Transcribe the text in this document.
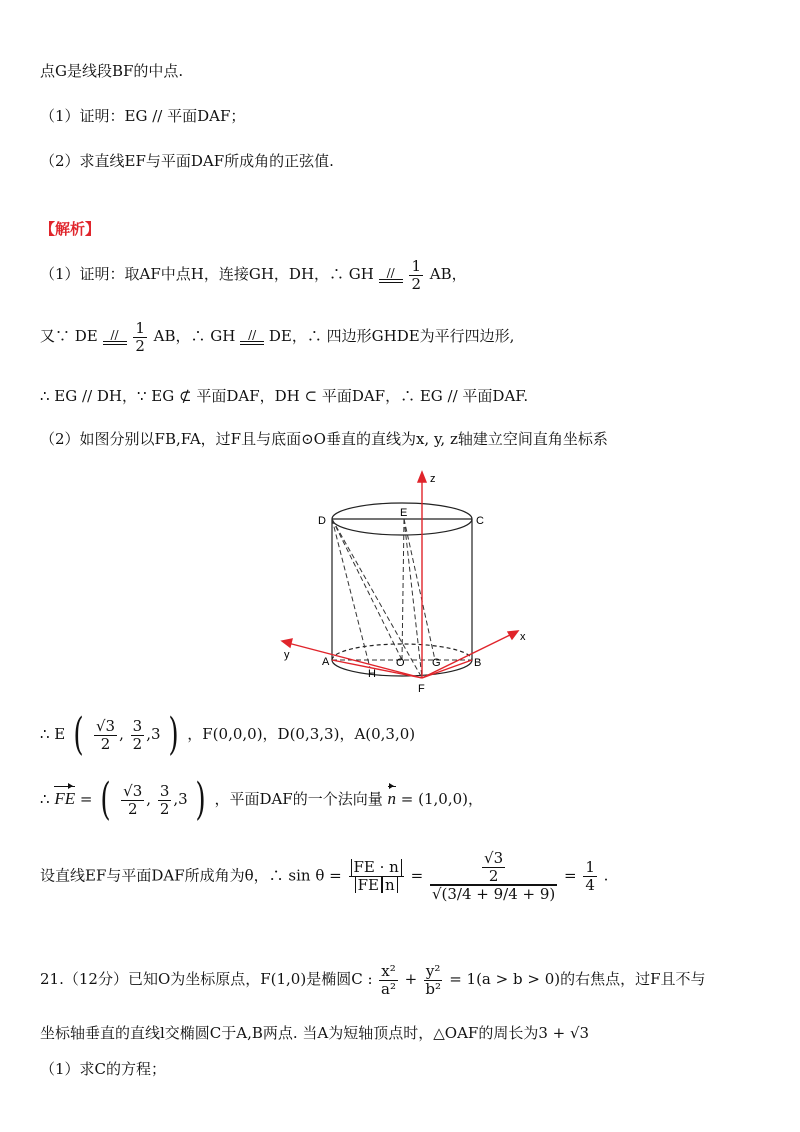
点G是线段BF的中点.
（1）证明：EG // 平面DAF；
（2）求直线EF与平面DAF所成角的正弦值.
【解析】
（1）证明：取AF中点H，连接GH，DH，∴ GH	//
$\frac{1}{2}$ AB，
又∵ DE	//
$\frac{1}{2}$ AB，∴ GH	// DE，∴ 四边形GHDE为平行四边形,
∴ EG // DH，∵ EG ⊄ 平面DAF，DH ⊂ 平面DAF，∴ EG // 平面DAF.
（2）如图分别以FB,FA，过F且与底面⊙O垂直的直线为x, y, z轴建立空间直角坐标系
D
E
C
z
x
y
A
H
O G	B
F
∴ E ( $\frac{√3}{2}$ , $\frac{3}{2} ,3$ ) ，F(0,0,0)，D(0,3,3)，A(0,3,0)
∴ FE = ( $\frac{√3}{2}$ , $\frac{3}{2} ,3$ ) ，平面DAF的一个法向量 n = (1,0,0)，
设直线EF与平面DAF所成角为θ，∴ $\sin \theta = \frac{FE \cdot n}{\text{FE n}} = \frac{\frac{√3}{2}}{√(3/4 + 9/4 + 9)} = \frac{1}{4}$ .
21.（12分）已知O为坐标原点，F(1,0)是椭圆C : $\frac{\text{x²}}{\text{a²}} + \frac{\text{y²}}{\text{b²}} = 1(a > b > 0)$的右焦点，过F且不与
坐标轴垂直的直线l交椭圆C于A,B两点. 当A为短轴顶点时，△OAF的周长为3 + √3
（1）求C的方程；
